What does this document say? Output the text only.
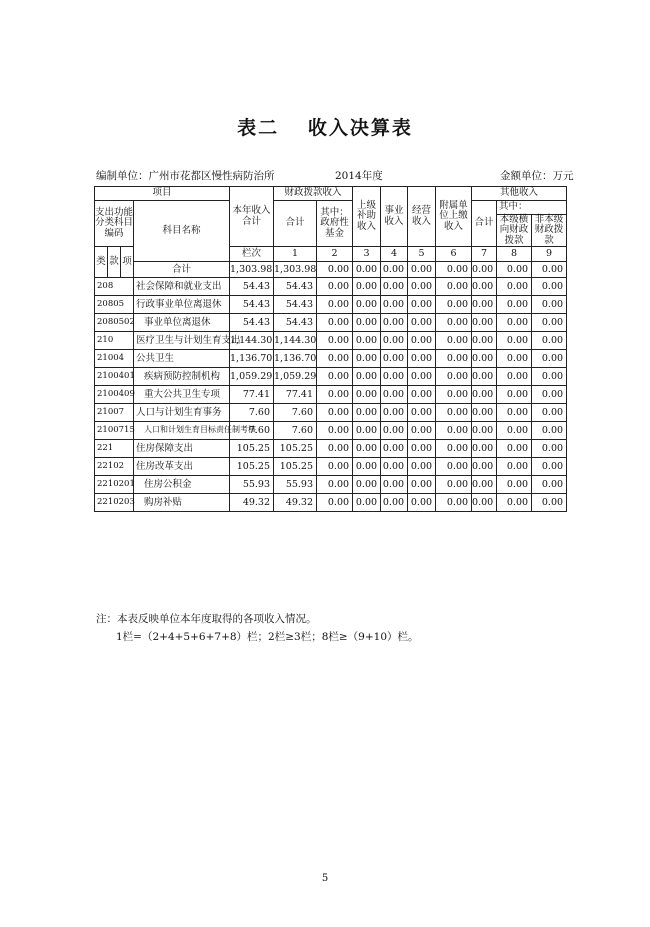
表二 收入决算表
编制单位：广州市花都区慢性病防治所	2014年度	金额单位：万元
项目				本年收入合计	财政拨款收入		上级补助收入	事业收入	经营收入	附属单位上缴收入	其他收入			
支出功能分类科目编码			科目名称		合计	其中：政府性基金					合计	其中：		
												本级横向财政拨款	非本级财政拨款	
类	款	项		栏次	1	2	3	4	5	6	7	8	9	
			合计	1,303.98	1,303.98	0.00	0.00	0.00	0.00	0.00	0.00	0.00	0.00	
208			社会保障和就业支出	54.43	54.43	0.00	0.00	0.00	0.00	0.00	0.00	0.00	0.00	
20805			行政事业单位离退休	54.43	54.43	0.00	0.00	0.00	0.00	0.00	0.00	0.00	0.00	
2080502			事业单位离退休	54.43	54.43	0.00	0.00	0.00	0.00	0.00	0.00	0.00	0.00	
210			医疗卫生与计划生育支出	1,144.30	1,144.30	0.00	0.00	0.00	0.00	0.00	0.00	0.00	0.00	
21004			公共卫生	1,136.70	1,136.70	0.00	0.00	0.00	0.00	0.00	0.00	0.00	0.00	
2100401			疾病预防控制机构	1,059.29	1,059.29	0.00	0.00	0.00	0.00	0.00	0.00	0.00	0.00	
2100409			重大公共卫生专项	77.41	77.41	0.00	0.00	0.00	0.00	0.00	0.00	0.00	0.00	
21007			人口与计划生育事务	7.60	7.60	0.00	0.00	0.00	0.00	0.00	0.00	0.00	0.00	
2100715			人口和计划生育目标责任制考核	7.60	7.60	0.00	0.00	0.00	0.00	0.00	0.00	0.00	0.00	
221			住房保障支出	105.25	105.25	0.00	0.00	0.00	0.00	0.00	0.00	0.00	0.00	
22102			住房改革支出	105.25	105.25	0.00	0.00	0.00	0.00	0.00	0.00	0.00	0.00	
2210201			住房公积金	55.93	55.93	0.00	0.00	0.00	0.00	0.00	0.00	0.00	0.00	
2210203			购房补贴	49.32	49.32	0.00	0.00	0.00	0.00	0.00	0.00	0.00	0.00	
注：本表反映单位本年度取得的各项收入情况。
1栏=（2+4+5+6+7+8）栏；2栏≥3栏；8栏≥（9+10）栏。
5
